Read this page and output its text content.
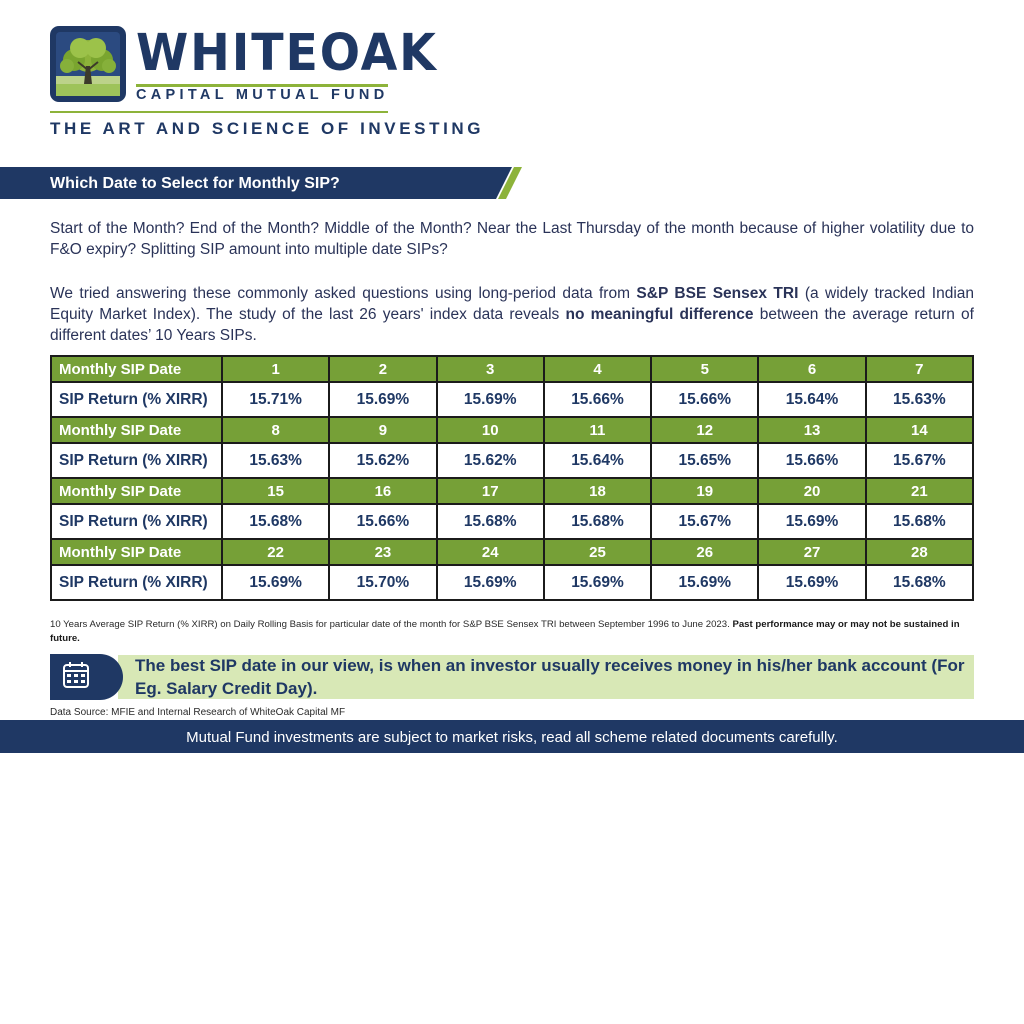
WHITEOAK
CAPITAL MUTUAL FUND
THE ART AND SCIENCE OF INVESTING
Which Date to Select for Monthly SIP?
Start of the Month? End of the Month? Middle of the Month? Near the Last Thursday of the month because of higher volatility due to F&O expiry? Splitting SIP amount into multiple date SIPs?
We tried answering these commonly asked questions using long-period data from S&P BSE Sensex TRI (a widely tracked Indian Equity Market Index). The study of the last 26 years' index data reveals no meaningful difference between the average return of different dates’ 10 Years SIPs.
Monthly SIP Date	1	2	3	4	5	6	7
SIP Return (% XIRR)	15.71%	15.69%	15.69%	15.66%	15.66%	15.64%	15.63%
Monthly SIP Date	8	9	10	11	12	13	14
SIP Return (% XIRR)	15.63%	15.62%	15.62%	15.64%	15.65%	15.66%	15.67%
Monthly SIP Date	15	16	17	18	19	20	21
SIP Return (% XIRR)	15.68%	15.66%	15.68%	15.68%	15.67%	15.69%	15.68%
Monthly SIP Date	22	23	24	25	26	27	28
SIP Return (% XIRR)	15.69%	15.70%	15.69%	15.69%	15.69%	15.69%	15.68%
10 Years Average SIP Return (% XIRR) on Daily Rolling Basis for particular date of the month for S&P BSE Sensex TRI between September 1996 to June 2023. Past performance may or may not be sustained in future.
The best SIP date in our view, is when an investor usually receives money in his/her bank account (For Eg. Salary Credit Day).
Data Source: MFIE and Internal Research of WhiteOak Capital MF
Mutual Fund investments are subject to market risks, read all scheme related documents carefully.
